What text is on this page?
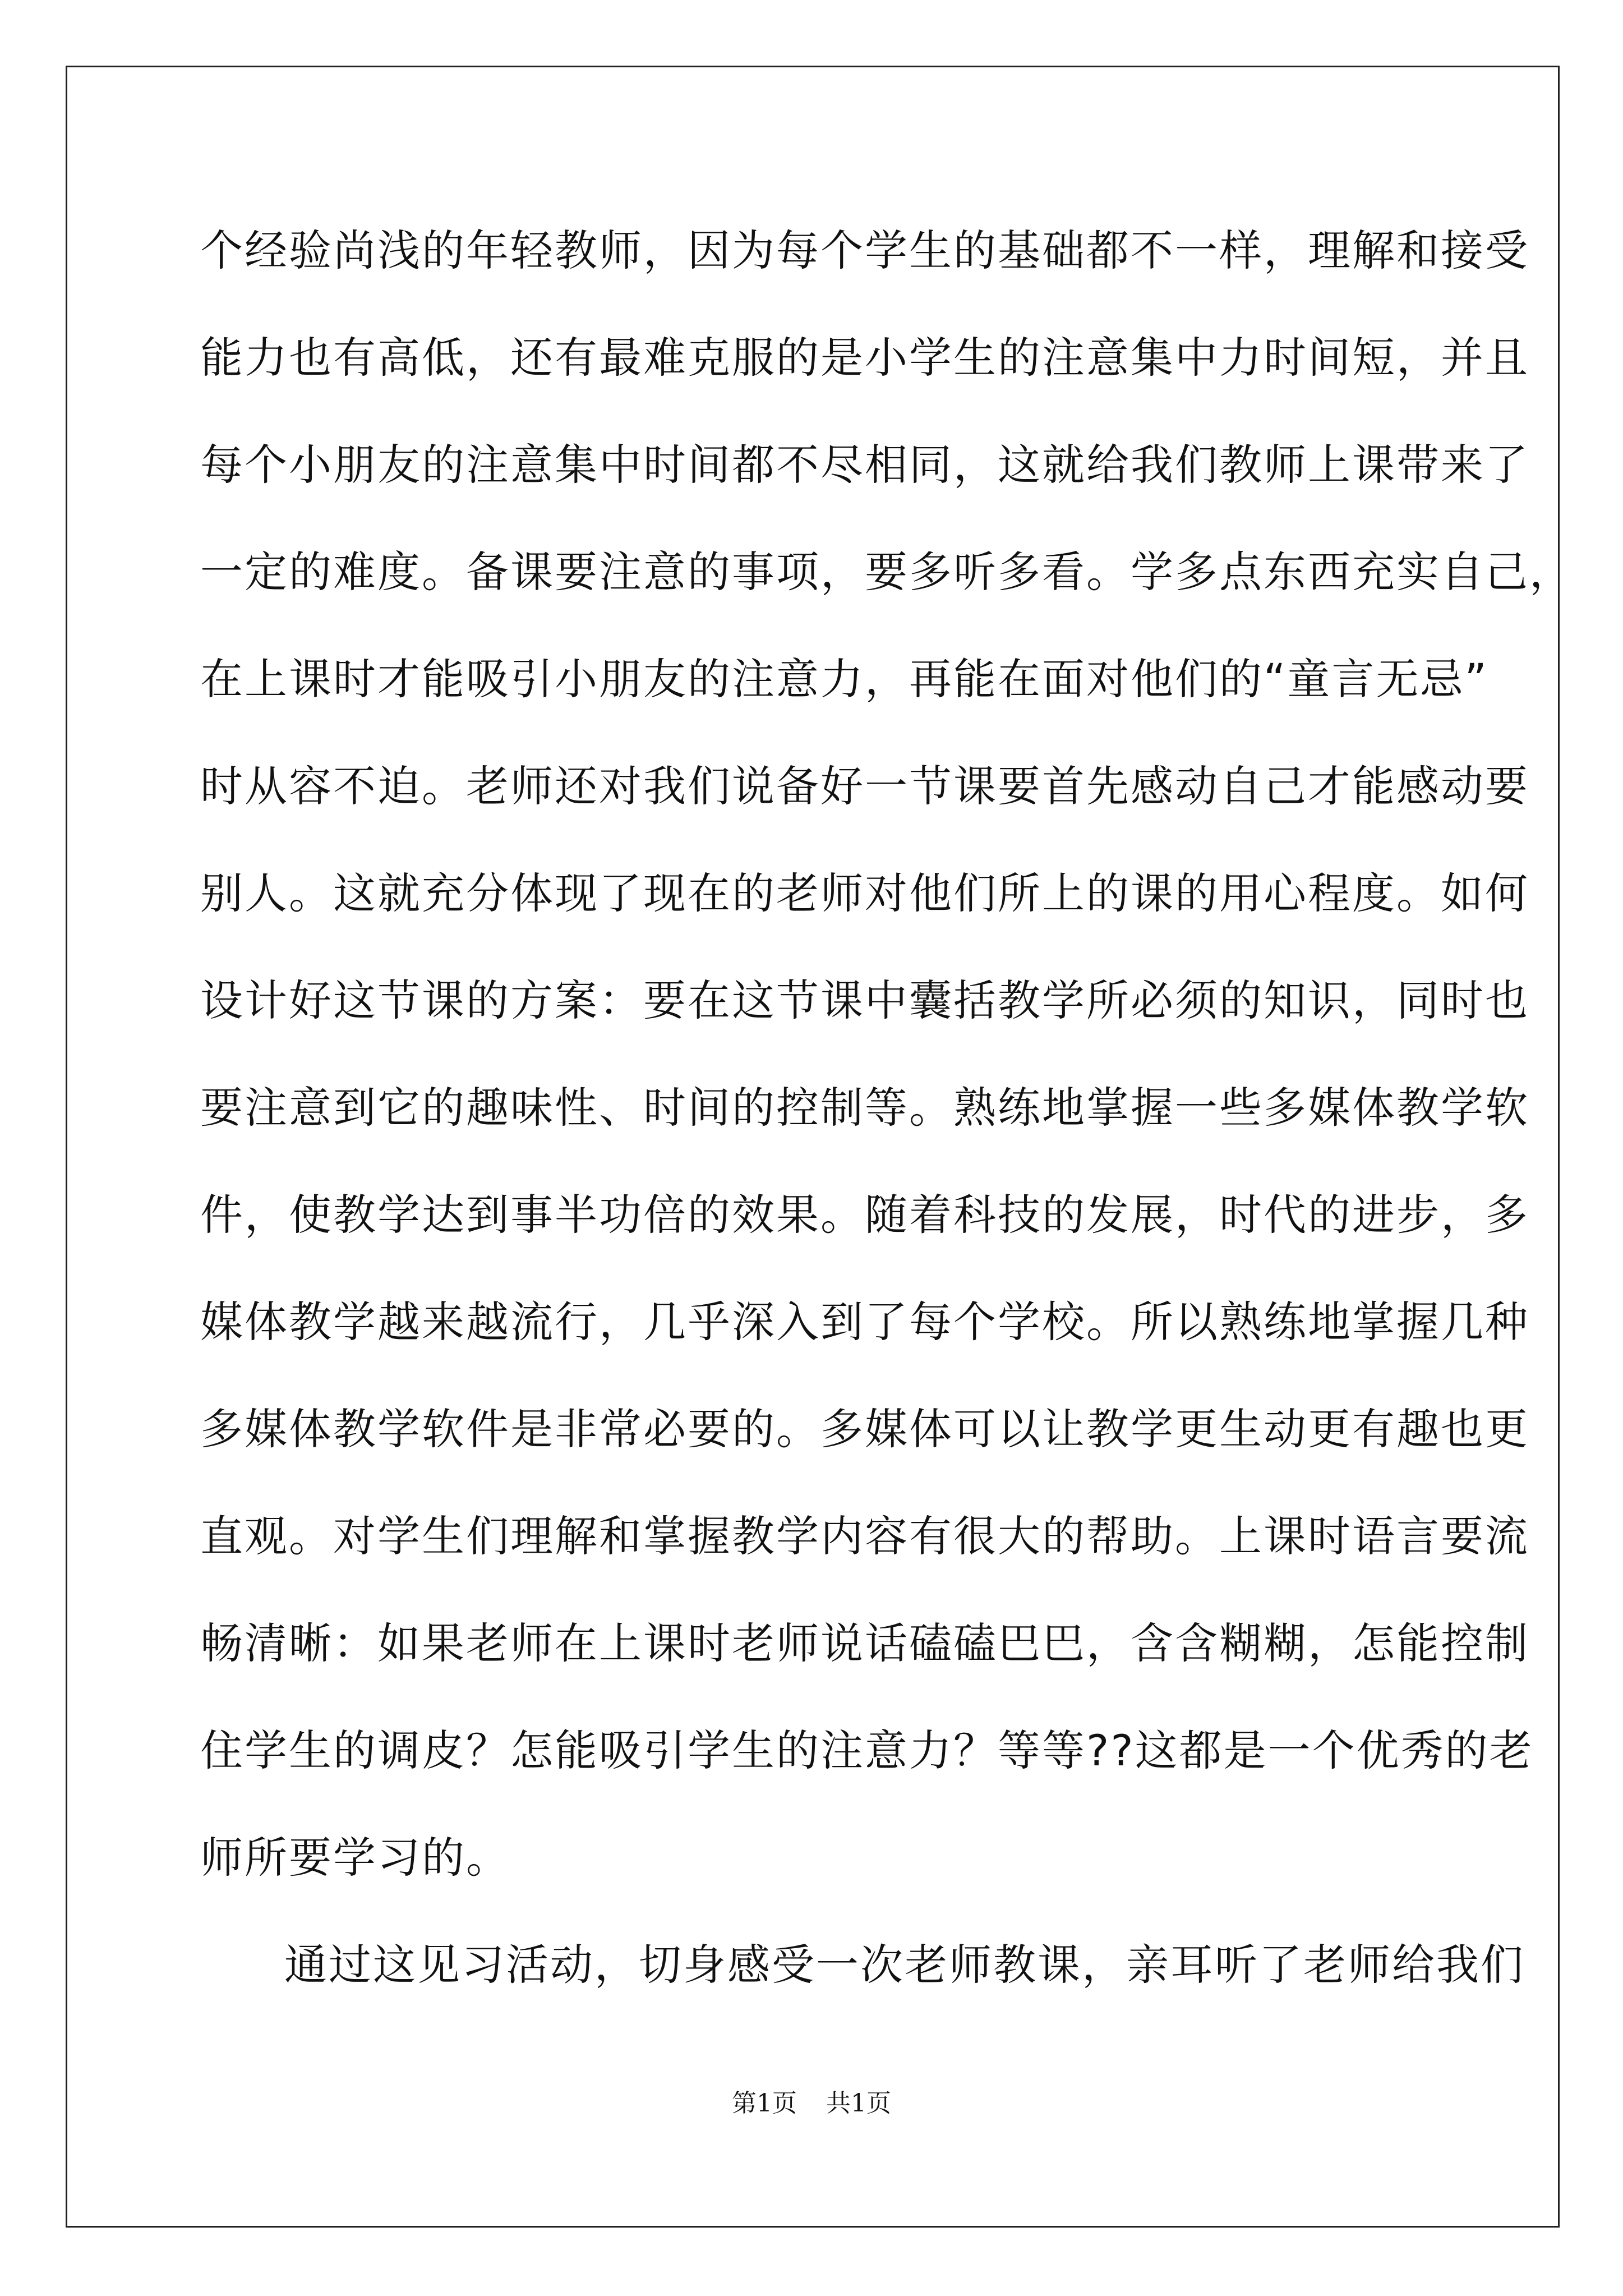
个经验尚浅的年轻教师，因为每个学生的基础都不一样，理解和接受
能力也有高低，还有最难克服的是小学生的注意集中力时间短，并且
每个小朋友的注意集中时间都不尽相同，这就给我们教师上课带来了
一定的难度。备课要注意的事项，要多听多看。学多点东西充实自己，
在上课时才能吸引小朋友的注意力，再能在面对他们的“童言无忌”
时从容不迫。老师还对我们说备好一节课要首先感动自己才能感动要
别人。这就充分体现了现在的老师对他们所上的课的用心程度。如何
设计好这节课的方案：要在这节课中囊括教学所必须的知识，同时也
要注意到它的趣味性、时间的控制等。熟练地掌握一些多媒体教学软
件，使教学达到事半功倍的效果。随着科技的发展，时代的进步，多
媒体教学越来越流行，几乎深入到了每个学校。所以熟练地掌握几种
多媒体教学软件是非常必要的。多媒体可以让教学更生动更有趣也更
直观。对学生们理解和掌握教学内容有很大的帮助。上课时语言要流
畅清晰：如果老师在上课时老师说话磕磕巴巴，含含糊糊，怎能控制
住学生的调皮？怎能吸引学生的注意力？等等??这都是一个优秀的老
师所要学习的。
通过这见习活动，切身感受一次老师教课，亲耳听了老师给我们
第1页 共1页
